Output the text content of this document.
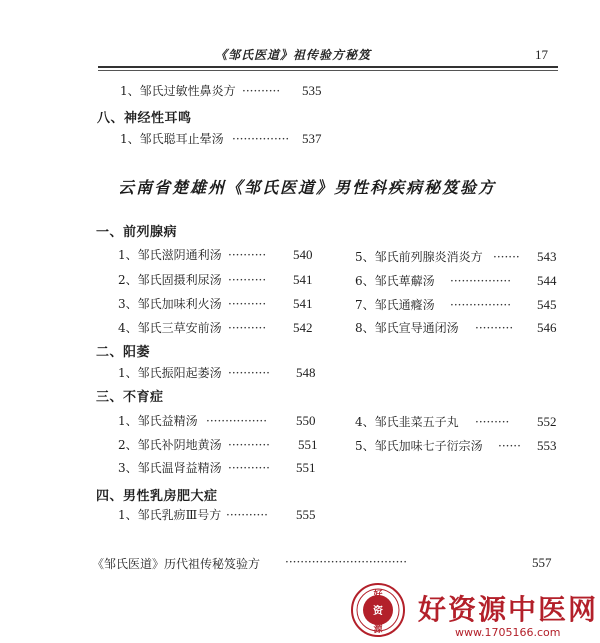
《邹氏医道》祖传验方秘笈	17
1、邹氏过敏性鼻炎方 ··········	535
八、神经性耳鸣
1、邹氏聪耳止晕汤 ··············· 537
云南省楚雄州《邹氏医道》男性科疾病秘笈验方
一、前列腺病
1、邹氏滋阴通利汤 ··········	540
2、邹氏固摄利尿汤 ··········	541
3、邹氏加味利火汤 ··········	541
4、邹氏三草安前汤 ··········	542
5、邹氏前列腺炎消炎方 ·······	543
6、邹氏萆薢汤 ················	544
7、邹氏通癃汤 ················	545
8、邹氏宣导通闭汤 ··········	546
二、阳萎
1、邹氏振阳起萎汤 ···········	548
三、不育症
1、邹氏益精汤 ················	550
2、邹氏补阴地黄汤 ···········	551
3、邹氏温肾益精汤 ···········	551
4、邹氏韭菜五子丸 ·········	552
5、邹氏加味七子衍宗汤 ······	553
四、男性乳房肥大症
1、邹氏乳疬Ⅲ号方 ···········	555
《邹氏医道》历代祖传秘笈验方 ································	557
好
资
源
好资源中医网
www.1705166.com
